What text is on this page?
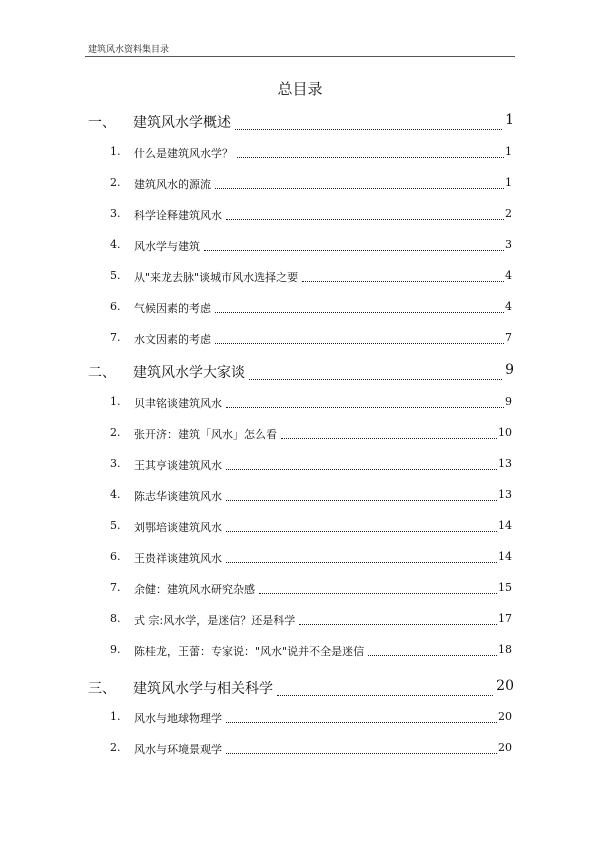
建筑风水资料集目录
总目录
一、 建筑风水学概述	1
1. 什么是建筑风水学？	1
2. 建筑风水的源流	1
3. 科学诠释建筑风水	2
4. 风水学与建筑	3
5. 从"来龙去脉"谈城市风水选择之要	4
6. 气候因素的考虑	4
7. 水文因素的考虑	7
二、 建筑风水学大家谈	9
1. 贝聿铭谈建筑风水	9
2. 张开济：建筑「风水」怎么看	10
3. 王其亨谈建筑风水	13
4. 陈志华谈建筑风水	13
5. 刘鄂培谈建筑风水	14
6. 王贵祥谈建筑风水	14
7. 余健：建筑风水研究杂感	15
8. 式 宗:风水学，是迷信？还是科学	17
9. 陈桂龙，王蕾：专家说："风水"说并不全是迷信	18
三、 建筑风水学与相关科学	20
1. 风水与地球物理学	20
2. 风水与环境景观学	20
